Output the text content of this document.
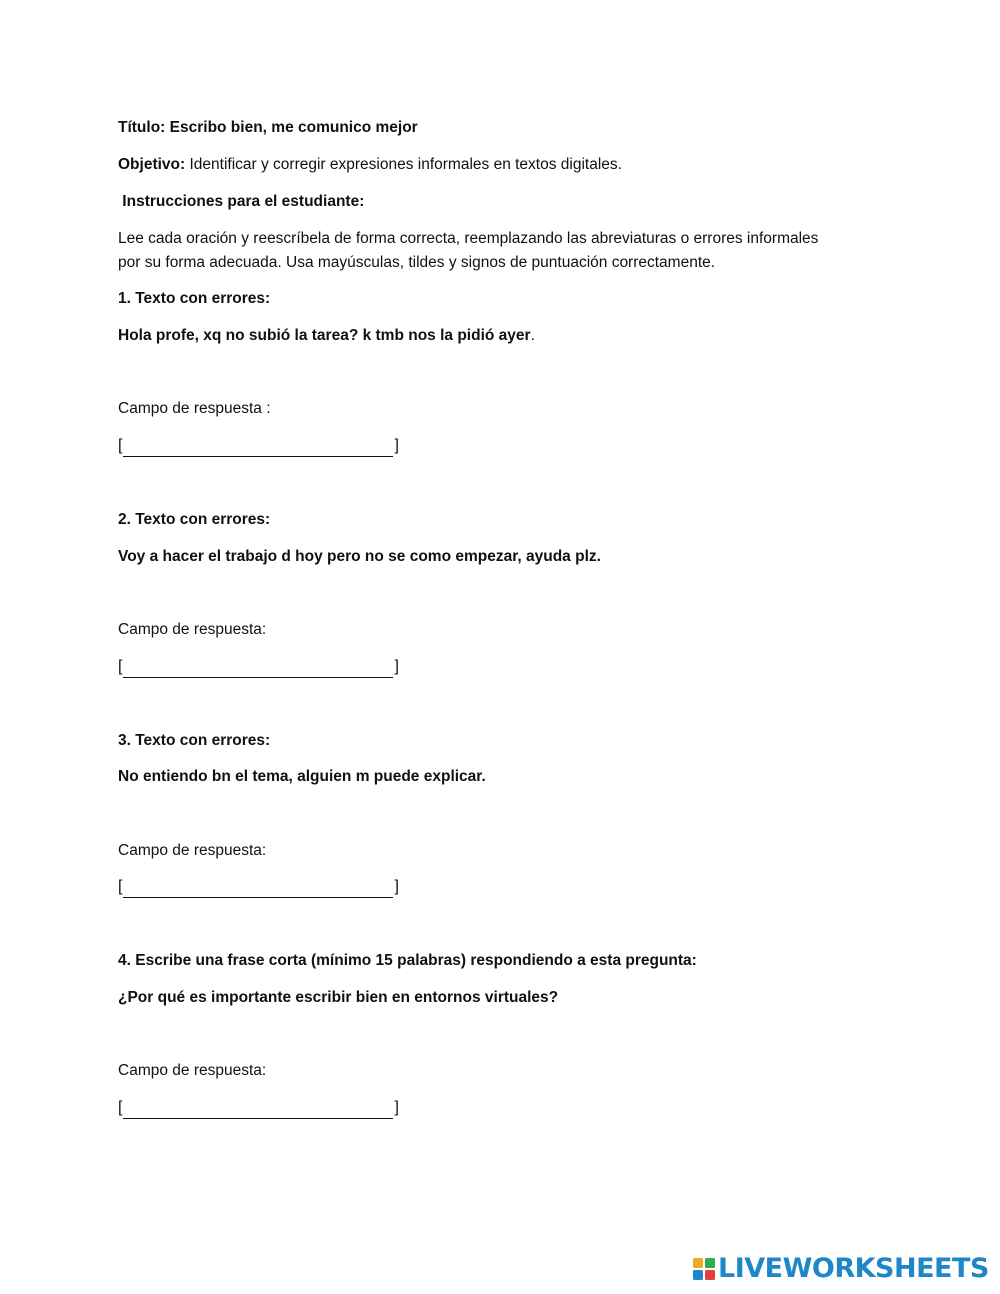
Título: Escribo bien, me comunico mejor
Objetivo: Identificar y corregir expresiones informales en textos digitales.
Instrucciones para el estudiante:
Lee cada oración y reescríbela de forma correcta, reemplazando las abreviaturas o errores informales
por su forma adecuada. Usa mayúsculas, tildes y signos de puntuación correctamente.
1. Texto con errores:
Hola profe, xq no subió la tarea? k tmb nos la pidió ayer.
Campo de respuesta :
[	]
2. Texto con errores:
Voy a hacer el trabajo d hoy pero no se como empezar, ayuda plz.
Campo de respuesta:
[	]
3. Texto con errores:
No entiendo bn el tema, alguien m puede explicar.
Campo de respuesta:
[	]
4. Escribe una frase corta (mínimo 15 palabras) respondiendo a esta pregunta:
¿Por qué es importante escribir bien en entornos virtuales?
Campo de respuesta:
[	]
LIVEWORKSHEETS
